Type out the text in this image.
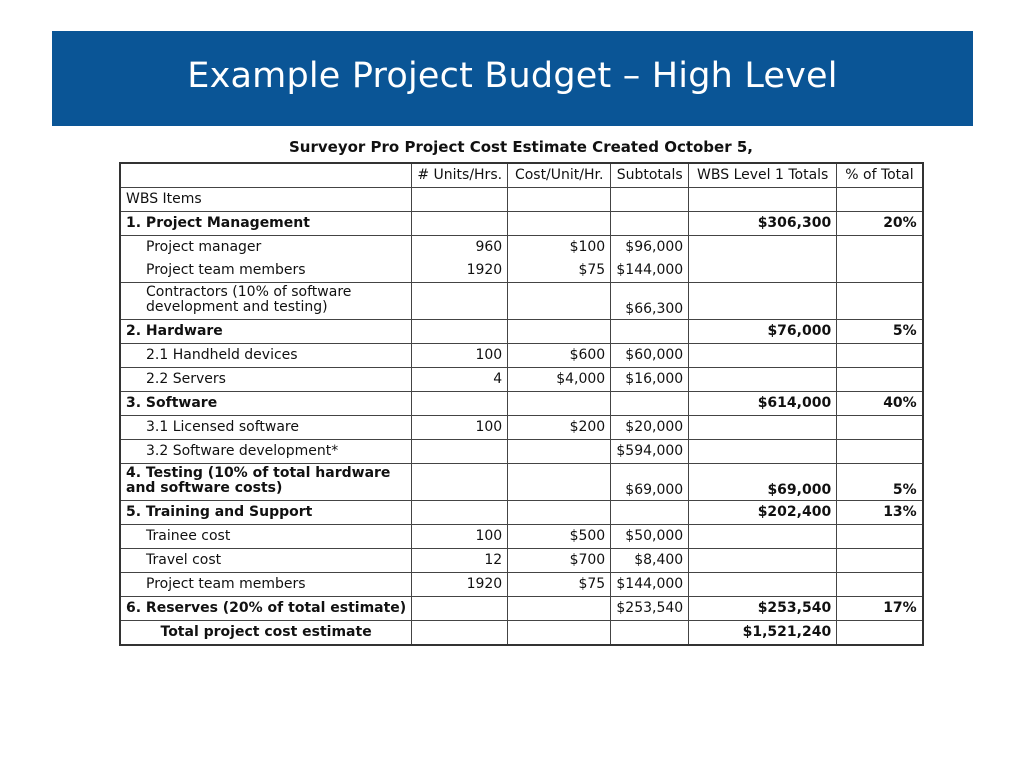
Example Project Budget – High Level
Surveyor Pro Project Cost Estimate Created October 5,
	# Units/Hrs.	Cost/Unit/Hr.	Subtotals	WBS Level 1 Totals	% of Total
WBS Items					
1. Project Management				$306,300	20%
Project manager	960	$100	$96,000		
Project team members	1920	$75	$144,000		
Contractors (10% of software development and testing)			$66,300		
2. Hardware				$76,000	5%
2.1 Handheld devices	100	$600	$60,000		
2.2 Servers	4	$4,000	$16,000		
3. Software				$614,000	40%
3.1 Licensed software	100	$200	$20,000		
3.2 Software development*			$594,000		
4. Testing (10% of total hardware and software costs)			$69,000	$69,000	5%
5. Training and Support				$202,400	13%
Trainee cost	100	$500	$50,000		
Travel cost	12	$700	$8,400		
Project team members	1920	$75	$144,000		
6. Reserves (20% of total estimate)			$253,540	$253,540	17%
Total project cost estimate				$1,521,240	
